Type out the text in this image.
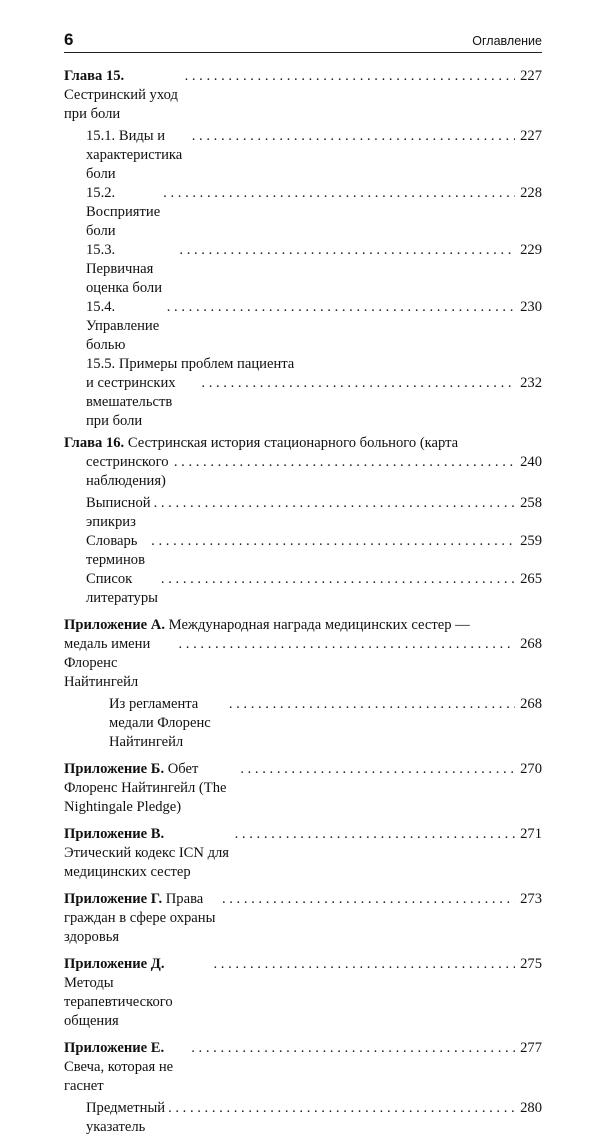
6	Оглавление
Глава 15. Сестринский уход при боли
. . .
227
15.1. Виды и характеристика боли
. . .
227
15.2. Восприятие боли
. . .
228
15.3. Первичная оценка боли
. . .
229
15.4. Управление болью
. . .
230
15.5. Примеры проблем пациента
и сестринских вмешательств при боли
. . .
232
Глава 16. Сестринская история стационарного больного (карта
сестринского наблюдения)
. . .
240
Выписной эпикриз
. . .
258
Словарь терминов
. . .
259
Список литературы
. . .
265
Приложение А. Международная награда медицинских сестер —
медаль имени Флоренс Найтингейл
. . .
268
Из регламента медали Флоренс Найтингейл
. . .
268
Приложение Б. Обет Флоренс Найтингейл (The Nightingale Pledge)
. . .
270
Приложение В. Этический кодекс ICN для медицинских сестер
. . .
271
Приложение Г. Права граждан в сфере охраны здоровья
. . .
273
Приложение Д. Методы терапевтического общения
. . .
275
Приложение Е. Свеча, которая не гаснет
. . .
277
Предметный указатель
. . .
280
